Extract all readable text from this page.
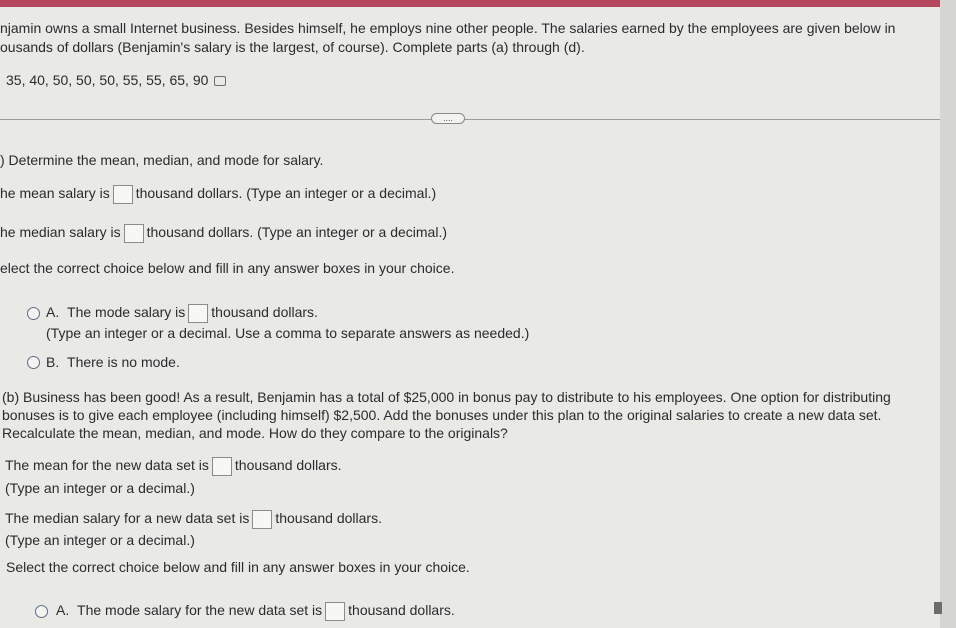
njamin owns a small Internet business. Besides himself, he employs nine other people. The salaries earned by the employees are given below in
ousands of dollars (Benjamin's salary is the largest, of course). Complete parts (a) through (d).
35, 40, 50, 50, 50, 55, 55, 65, 90
....
) Determine the mean, median, and mode for salary.
he mean salary is thousand dollars. (Type an integer or a decimal.)
he median salary is thousand dollars. (Type an integer or a decimal.)
elect the correct choice below and fill in any answer boxes in your choice.
A. The mode salary is thousand dollars.
(Type an integer or a decimal. Use a comma to separate answers as needed.)
B. There is no mode.
(b) Business has been good! As a result, Benjamin has a total of $25,000 in bonus pay to distribute to his employees. One option for distributing
bonuses is to give each employee (including himself) $2,500. Add the bonuses under this plan to the original salaries to create a new data set.
Recalculate the mean, median, and mode. How do they compare to the originals?
The mean for the new data set is thousand dollars.
(Type an integer or a decimal.)
The median salary for a new data set is thousand dollars.
(Type an integer or a decimal.)
Select the correct choice below and fill in any answer boxes in your choice.
A. The mode salary for the new data set is thousand dollars.
